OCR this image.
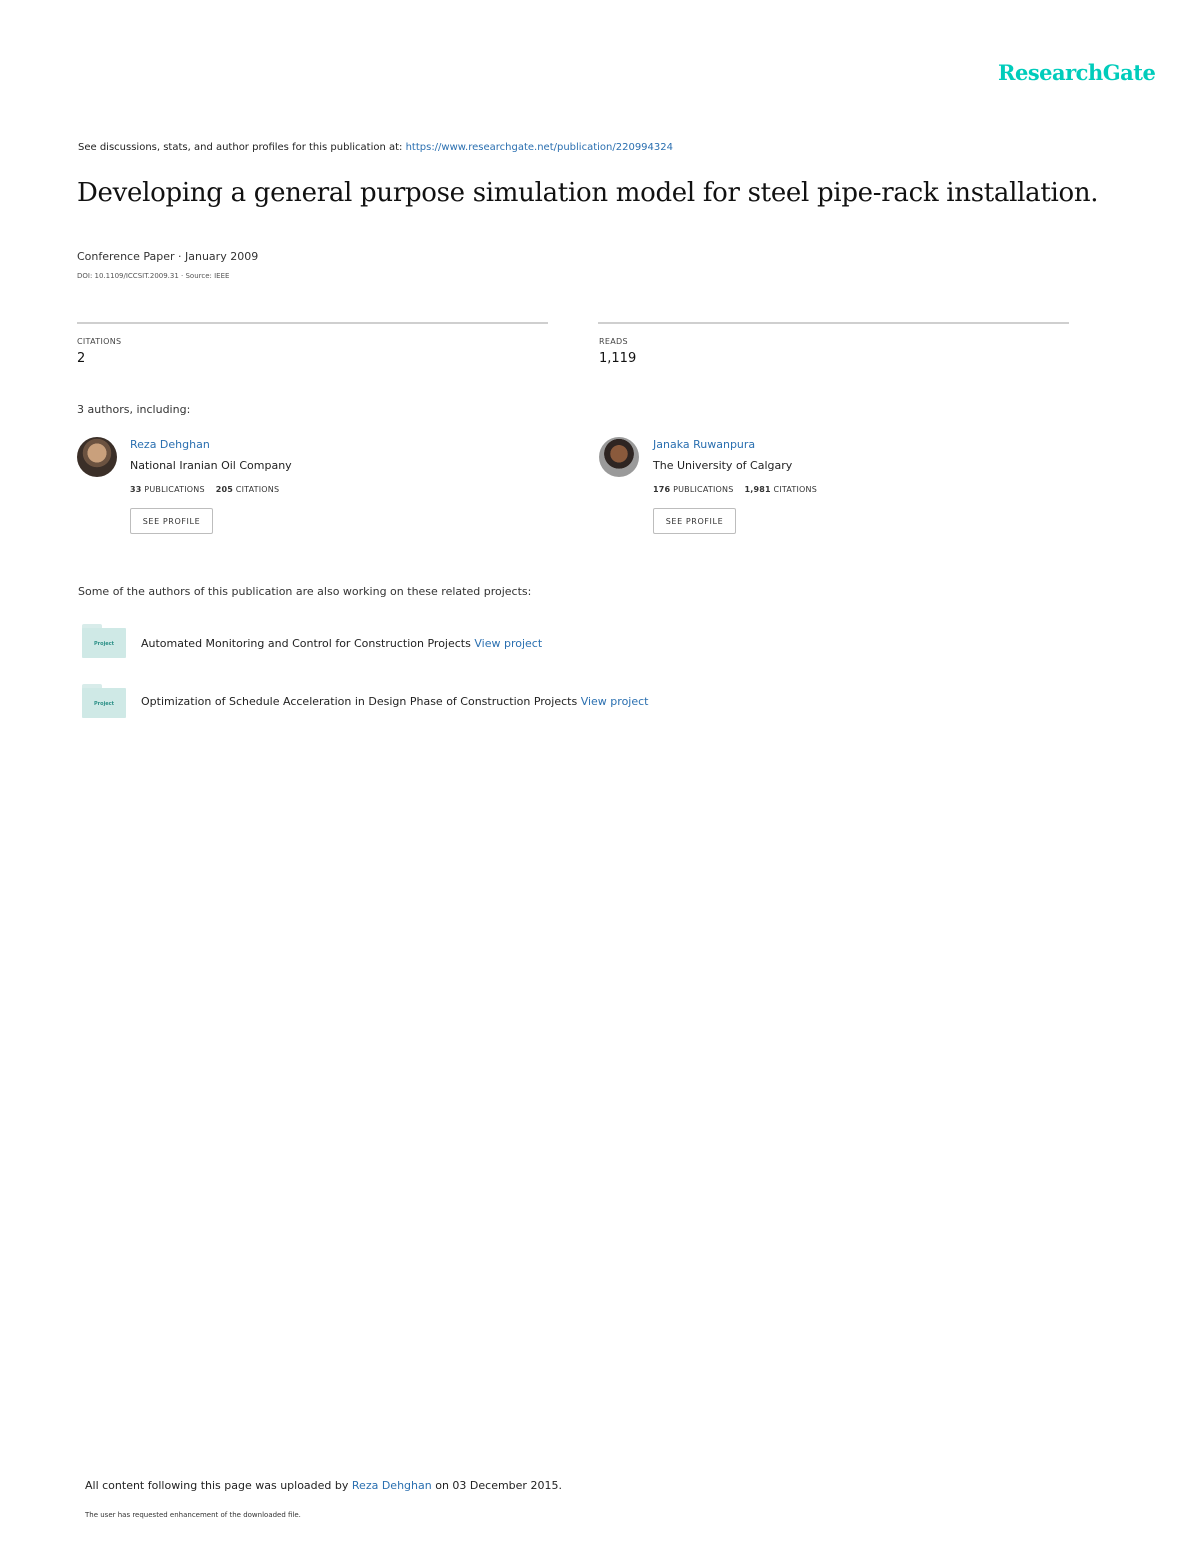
ResearchGate
See discussions, stats, and author profiles for this publication at: https://www.researchgate.net/publication/220994324
Developing a general purpose simulation model for steel pipe-rack installation.
Conference Paper · January 2009
DOI: 10.1109/ICCSIT.2009.31 · Source: IEEE
CITATIONS
2
READS
1,119
3 authors, including:
Reza Dehghan
National Iranian Oil Company
33 PUBLICATIONS 205 CITATIONS
SEE PROFILE
Janaka Ruwanpura
The University of Calgary
176 PUBLICATIONS 1,981 CITATIONS
SEE PROFILE
Some of the authors of this publication are also working on these related projects:
Project Automated Monitoring and Control for Construction Projects View project
Project Optimization of Schedule Acceleration in Design Phase of Construction Projects View project
All content following this page was uploaded by Reza Dehghan on 03 December 2015.
The user has requested enhancement of the downloaded file.
